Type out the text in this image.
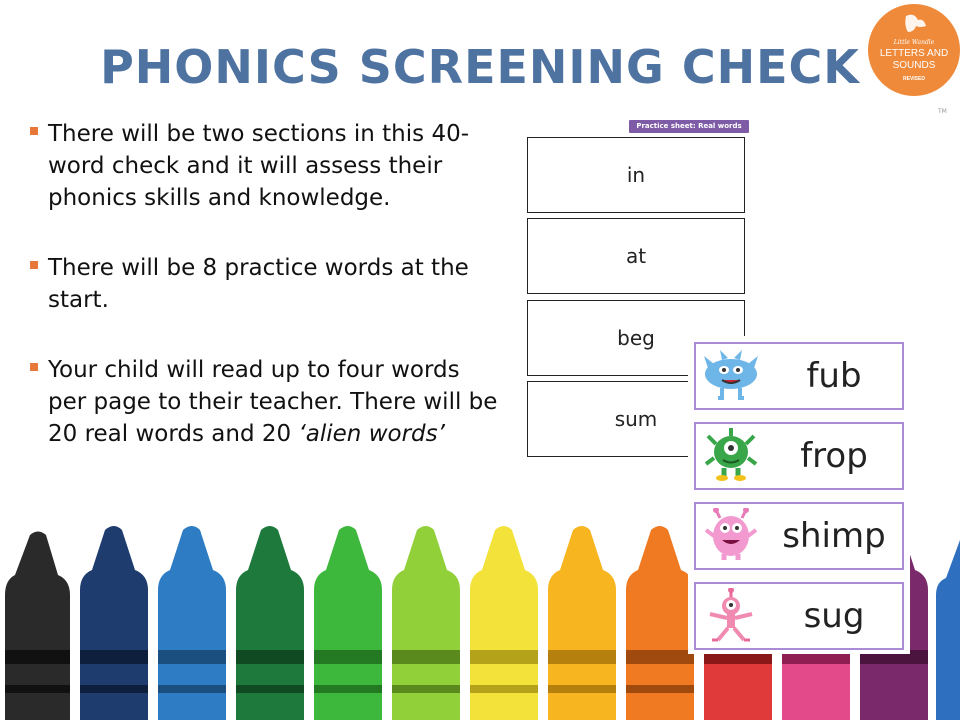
PHONICS SCREENING CHECK	Little Wandle
LETTERS AND
SOUNDS
REVISED
TM
There will be two sections in this 40-word check and it will assess their phonics skills and knowledge.
There will be 8 practice words at the start.
Your child will read up to four words per page to their teacher. There will be 20 real words and 20 ‘alien words’
Practice sheet: Real words
in
at
beg
sum
fub
frop
shimp
sug
